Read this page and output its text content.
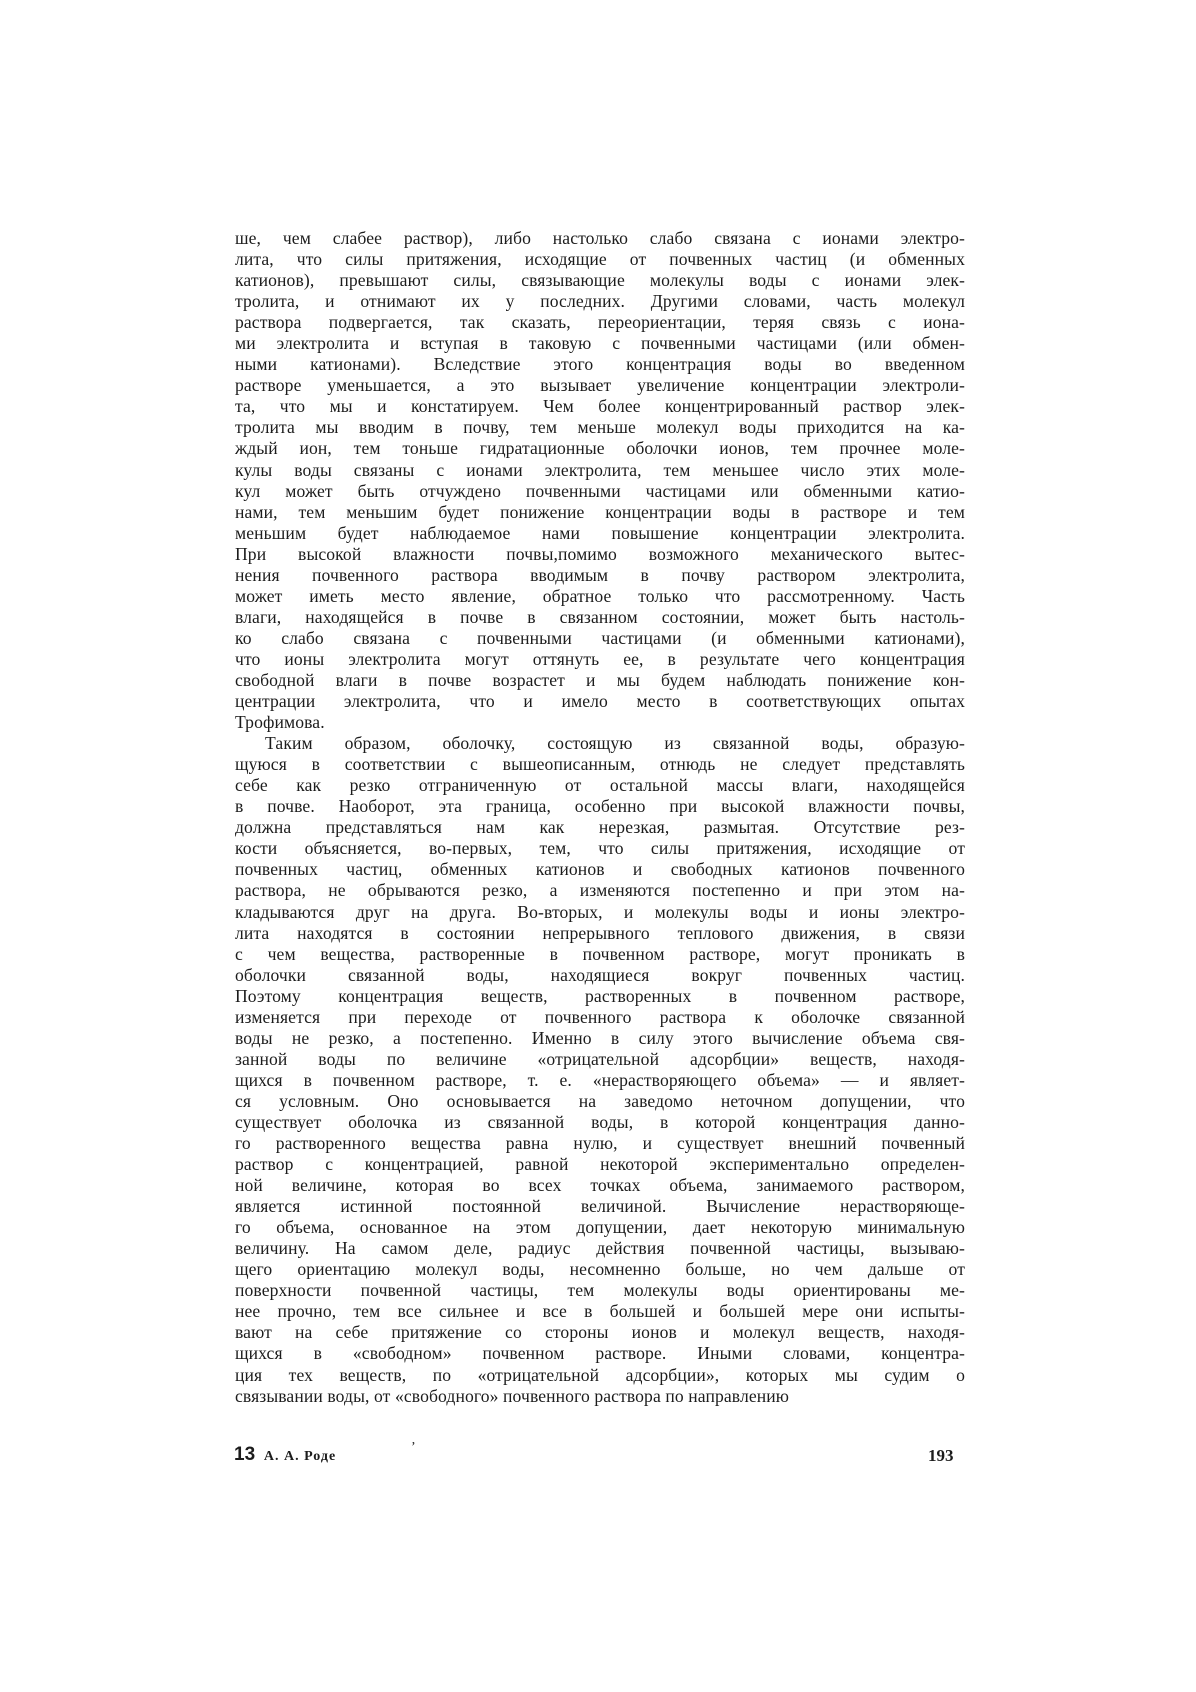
ше, чем слабее раствор), либо настолько слабо связана с ионами электро-
лита, что силы притяжения, исходящие от почвенных частиц (и обменных
катионов), превышают силы, связывающие молекулы воды с ионами элек-
тролита, и отнимают их у последних. Другими словами, часть молекул
раствора подвергается, так сказать, переориентации, теряя связь с иона-
ми электролита и вступая в таковую с почвенными частицами (или обмен-
ными катионами). Вследствие этого концентрация воды во введенном
растворе уменьшается, а это вызывает увеличение концентрации электроли-
та, что мы и констатируем. Чем более концентрированный раствор элек-
тролита мы вводим в почву, тем меньше молекул воды приходится на ка-
ждый ион, тем тоньше гидратационные оболочки ионов, тем прочнее моле-
кулы воды связаны с ионами электролита, тем меньшее число этих моле-
кул может быть отчуждено почвенными частицами или обменными катио-
нами, тем меньшим будет понижение концентрации воды в растворе и тем
меньшим будет наблюдаемое нами повышение концентрации электролита.
При высокой влажности почвы,помимо возможного механического вытес-
нения почвенного раствора вводимым в почву раствором электролита,
может иметь место явление, обратное только что рассмотренному. Часть
влаги, находящейся в почве в связанном состоянии, может быть настоль-
ко слабо связана с почвенными частицами (и обменными катионами),
что ионы электролита могут оттянуть ее, в результате чего концентрация
свободной влаги в почве возрастет и мы будем наблюдать понижение кон-
центрации электролита, что и имело место в соответствующих опытах
Трофимова.
Таким образом, оболочку, состоящую из связанной воды, образую-
щуюся в соответствии с вышеописанным, отнюдь не следует представлять
себе как резко отграниченную от остальной массы влаги, находящейся
в почве. Наоборот, эта граница, особенно при высокой влажности почвы,
должна представляться нам как нерезкая, размытая. Отсутствие рез-
кости объясняется, во-первых, тем, что силы притяжения, исходящие от
почвенных частиц, обменных катионов и свободных катионов почвенного
раствора, не обрываются резко, а изменяются постепенно и при этом на-
кладываются друг на друга. Во-вторых, и молекулы воды и ионы электро-
лита находятся в состоянии непрерывного теплового движения, в связи
с чем вещества, растворенные в почвенном растворе, могут проникать в
оболочки связанной воды, находящиеся вокруг почвенных частиц.
Поэтому концентрация веществ, растворенных в почвенном растворе,
изменяется при переходе от почвенного раствора к оболочке связанной
воды не резко, а постепенно. Именно в силу этого вычисление объема свя-
занной воды по величине «отрицательной адсорбции» веществ, находя-
щихся в почвенном растворе, т. е. «нерастворяющего объема» — и являет-
ся условным. Оно основывается на заведомо неточном допущении, что
существует оболочка из связанной воды, в которой концентрация данно-
го растворенного вещества равна нулю, и существует внешний почвенный
раствор с концентрацией, равной некоторой экспериментально определен-
ной величине, которая во всех точках объема, занимаемого раствором,
является истинной постоянной величиной. Вычисление нерастворяюще-
го объема, основанное на этом допущении, дает некоторую минимальную
величину. На самом деле, радиус действия почвенной частицы, вызываю-
щего ориентацию молекул воды, несомненно больше, но чем дальше от
поверхности почвенной частицы, тем молекулы воды ориентированы ме-
нее прочно, тем все сильнее и все в большей и большей мере они испыты-
вают на себе притяжение со стороны ионов и молекул веществ, находя-
щихся в «свободном» почвенном растворе. Иными словами, концентра-
ция тех веществ, по «отрицательной адсорбции», которых мы судим о
связывании воды, от «свободного» почвенного раствора по направлению
13 А. А. Роде
ʼ	193
